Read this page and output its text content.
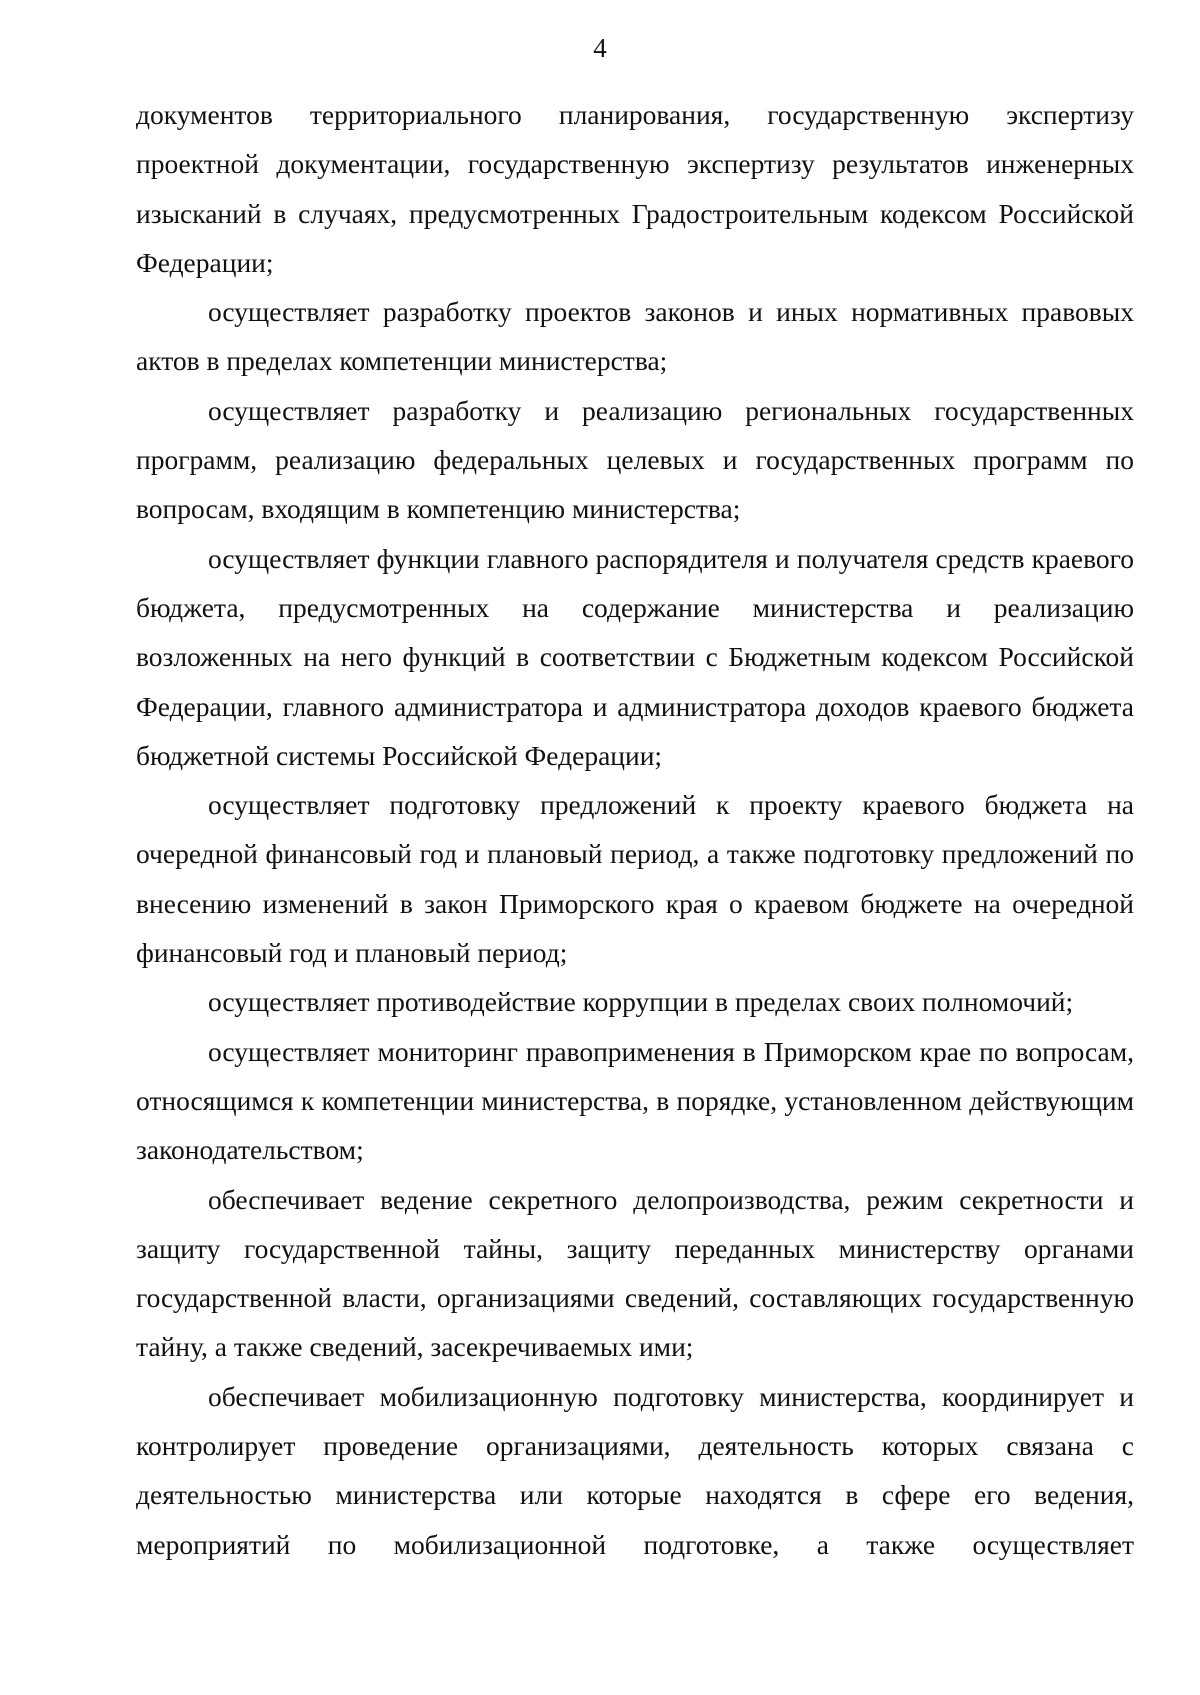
4

документов территориального планирования, государственную экспертизу проектной документации, государственную экспертизу результатов инженерных изысканий в случаях, предусмотренных Градостроительным кодексом Российской Федерации;

осуществляет разработку проектов законов и иных нормативных правовых актов в пределах компетенции министерства;

осуществляет разработку и реализацию региональных государственных программ, реализацию федеральных целевых и государственных программ по вопросам, входящим в компетенцию министерства;

осуществляет функции главного распорядителя и получателя средств краевого бюджета, предусмотренных на содержание министерства и реализацию возложенных на него функций в соответствии с Бюджетным кодексом Российской Федерации, главного администратора и администратора доходов краевого бюджета бюджетной системы Российской Федерации;

осуществляет подготовку предложений к проекту краевого бюджета на очередной финансовый год и плановый период, а также подготовку предложений по внесению изменений в закон Приморского края о краевом бюджете на очередной финансовый год и плановый период;

осуществляет противодействие коррупции в пределах своих полномочий;

осуществляет мониторинг правоприменения в Приморском крае по вопросам, относящимся к компетенции министерства, в порядке, установленном действующим законодательством;

обеспечивает ведение секретного делопроизводства, режим секретности и защиту государственной тайны, защиту переданных министерству органами государственной власти, организациями сведений, составляющих государственную тайну, а также сведений, засекречиваемых ими;

обеспечивает мобилизационную подготовку министерства, координирует и контролирует проведение организациями, деятельность которых связана с деятельностью министерства или которые находятся в сфере его ведения, мероприятий по мобилизационной подготовке, а также осуществляет
